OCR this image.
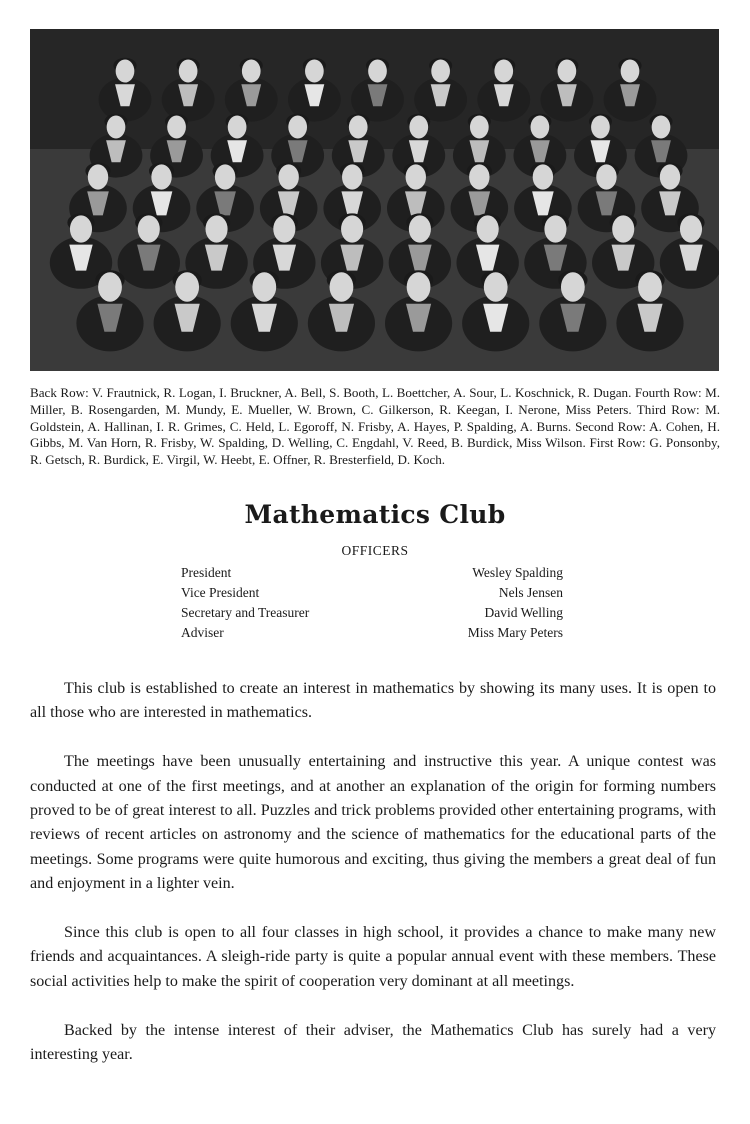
Back Row: V. Frautnick, R. Logan, I. Bruckner, A. Bell, S. Booth, L. Boettcher, A. Sour, L. Koschnick, R. Dugan. Fourth Row: M. Miller, B. Rosengarden, M. Mundy, E. Mueller, W. Brown, C. Gilkerson, R. Keegan, I. Nerone, Miss Peters. Third Row: M. Goldstein, A. Hallinan, I. R. Grimes, C. Held, L. Egoroff, N. Frisby, A. Hayes, P. Spalding, A. Burns. Second Row: A. Cohen, H. Gibbs, M. Van Horn, R. Frisby, W. Spalding, D. Welling, C. Engdahl, V. Reed, B. Burdick, Miss Wilson. First Row: G. Ponsonby, R. Getsch, R. Burdick, E. Virgil, W. Heebt, E. Offner, R. Bresterfield, D. Koch.

Mathematics Club
OFFICERS
President	Wesley Spalding
Vice President	Nels Jensen
Secretary and Treasurer	David Welling
Adviser	Miss Mary Peters

This club is established to create an interest in mathematics by showing its many uses. It is open to all those who are interested in mathematics.

The meetings have been unusually entertaining and instructive this year. A unique contest was conducted at one of the first meetings, and at another an explanation of the origin for forming numbers proved to be of great interest to all. Puzzles and trick problems provided other entertaining programs, with reviews of recent articles on astronomy and the science of mathematics for the educational parts of the meetings. Some programs were quite humorous and exciting, thus giving the members a great deal of fun and enjoyment in a lighter vein.

Since this club is open to all four classes in high school, it provides a chance to make many new friends and acquaintances. A sleigh-ride party is quite a popular annual event with these members. These social activities help to make the spirit of cooperation very dominant at all meetings.

Backed by the intense interest of their adviser, the Mathematics Club has surely had a very interesting year.
